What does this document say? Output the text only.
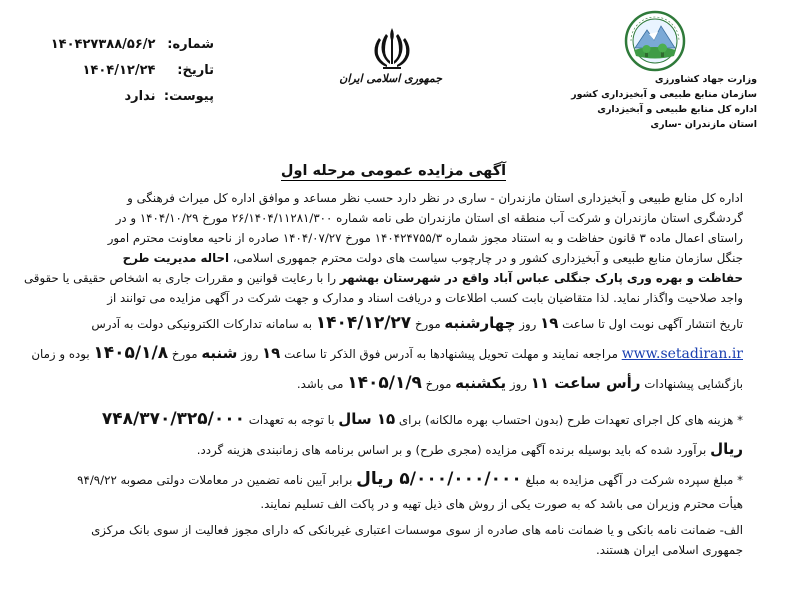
وزارت جهاد کشاورزی
سازمان منابع طبیعی و آبخیزداری کشور
اداره کل منابع طبیعی و آبخیزداری
استان مازندران -ساری
جمهوری اسلامی ایران
شماره: ۱۴۰۴۲۷۳۸۸/۵۶/۲
تاریخ: ۱۴۰۴/۱۲/۲۴
پیوست: ندارد
آگهی مزایده عمومی مرحله اول
اداره کل منابع طبیعی و آبخیزداری استان مازندران - ساری در نظر دارد حسب نظر مساعد و موافق اداره کل میراث فرهنگی و
گردشگری استان مازندران و شرکت آب منطقه ای استان مازندران طی نامه شماره ۲۶/۱۴۰۴/۱۱۲۸۱/۳۰۰ مورخ ۱۴۰۴/۱۰/۲۹ و در
راستای اعمال ماده ۳ قانون حفاظت و به استناد مجوز شماره ۱۴۰۴۲۴۷۵۵/۳ مورخ ۱۴۰۴/۰۷/۲۷ صادره از ناحیه معاونت محترم امور
جنگل سازمان منابع طبیعی و آبخیزداری کشور و در چارچوب سیاست های دولت محترم جمهوری اسلامی، احاله مدیریت طرح
حفاظت و بهره وری پارک جنگلی عباس آباد واقع در شهرستان بهشهر را با رعایت قوانین و مقررات جاری به اشخاص حقیقی یا حقوقی
واجد صلاحیت واگذار نماید. لذا متقاضیان بابت کسب اطلاعات و دریافت اسناد و مدارک و جهت شرکت در آگهی مزایده می توانند از
تاریخ انتشار آگهی نوبت اول تا ساعت ۱۹ روز چهارشنبه مورخ ۱۴۰۴/۱۲/۲۷ به سامانه تدارکات الکترونیکی دولت به آدرس
www.setadiran.ir مراجعه نمایند و مهلت تحویل پیشنهادها به آدرس فوق الذکر تا ساعت ۱۹ روز شنبه مورخ ۱۴۰۵/۱/۸ بوده و زمان
بازگشایی پیشنهادات رأس ساعت ۱۱ روز یکشنبه مورخ ۱۴۰۵/۱/۹ می باشد.
* هزینه های کل اجرای تعهدات طرح (بدون احتساب بهره مالکانه) برای ۱۵ سال با توجه به تعهدات ۷۴۸/۳۷۰/۳۲۵/۰۰۰
ریال برآورد شده که باید بوسیله برنده آگهی مزایده (مجری طرح) و بر اساس برنامه های زمانبندی هزینه گردد.
* مبلغ سپرده شرکت در آگهی مزایده به مبلغ ۵/۰۰۰/۰۰۰/۰۰۰ ریال برابر آیین نامه تضمین در معاملات دولتی مصوبه ۹۴/۹/۲۲
هیأت محترم وزیران می باشد که به صورت یکی از روش های ذیل تهیه و در پاکت الف تسلیم نمایند.
الف- ضمانت نامه بانکی و یا ضمانت نامه های صادره از سوی موسسات اعتباری غیربانکی که دارای مجوز فعالیت از سوی بانک مرکزی
جمهوری اسلامی ایران هستند.
